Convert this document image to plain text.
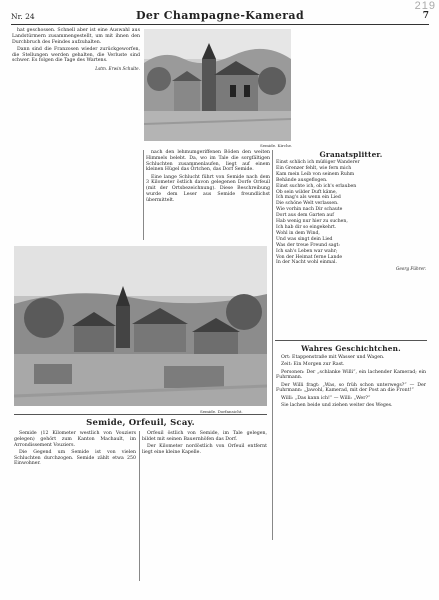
219
Nr. 24	Der Champagne-Kamerad	7

hat geschossen. Schnell aber ist eine Auswahl aus Landstürmern zusammengestellt, um mit ihnen den Durchbruch des Feindes aufzuhalten.

Dann sind die Franzosen wieder zurückgeworfen, die Stellungen werden gehalten, die Verluste sind schwer. Es folgen die Tage des Wartens.

Lstm. Erwin Schulte.
Semide. Kirche.

nach den lehmumgeriffenen Böden den weiten Himmels belebt. Da, wo im Tale die sorgfältigen Schluchten zusammenlaufen, liegt auf einem kleinen Hügel das Örtchen, das Dorf Semide.

Eine lange Schlucht führt von Semide nach dem 3 Kilometer östlich davon gelegenen Dorfe Orfeuil (mit der Ortsbezeichnung). Diese Beschreibung wurde dem Leser aus Semide freundlichst übermittelt.

Granatsplitter.
Einst schlich ich müßiger Wanderer
Ein Grenzer fehlt, wie fern mich
Kam mein Leib von seinem Ruhm
Behände ausgeflogen.
Einst suchte ich, ob ich's erlauben
Ob sein wilder Duft käme,
Ich mag's als wenn ein Lied
Die schöne Welt verlassen.
Wie vorhin nach Dir schaute
Dort aus dem Garten auf
Hab wenig nur hier zu suchen,
Ich hab dir so eingekehrt.
Wohl in dem Wind,
Und was singt dein Lied
Was der treue Freund sagt:
Ich sah's Leben war wahr;
Von der Heimat ferne Lande
In der Nacht wohl einmal.
Georg Führer.
Wahres Geschichtchen.

Ort: Etappenstraße mit Wasser und Wagen.

Zeit: Ein Morgen zur Rast.

Personen: Der „schlanke Willi“, ein lachender Kamerad; ein Fuhrmann.

Der Willi fragt: „Was, so früh schon unterwegs?“ — Der Fuhrmann: „Jawohl, Kamerad, mit der Post an die Front!“

Willi: „Das kann ich!“ — Willi: „Wer?“

Sie lachen beide und ziehen weiter des Weges.

Semide. Dorfansicht.
Semide, Orfeuil, Scay.

Semide (12 Kilometer westlich von Vouziers gelegen) gehört zum Kanton Machault, im Arrondissement Vouziers.

Die Gegend um Semide ist von vielen Schluchten durchzogen. Semide zählt etwa 250 Einwohner.

Orfeuil östlich von Semide, im Tale gelegen, bildet mit seinen Bauernhöfen das Dorf.

Der Kilometer nordöstlich von Orfeuil entfernt liegt eine kleine Kapelle.
